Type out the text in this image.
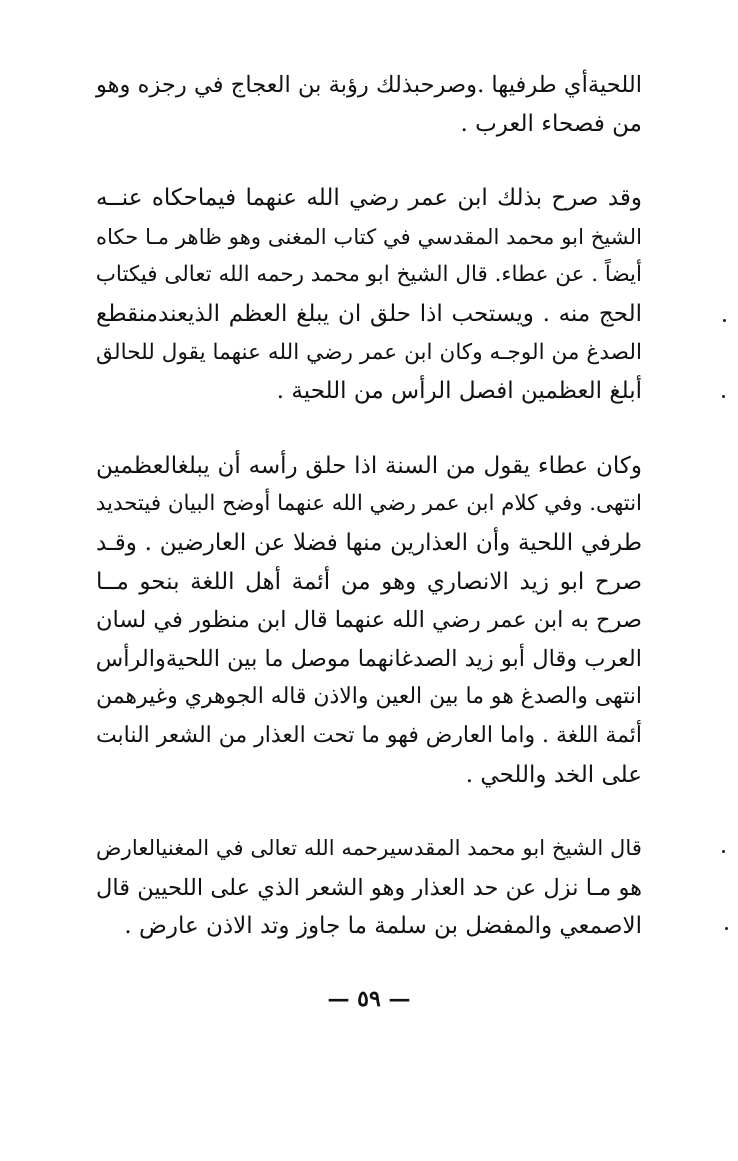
اللحيةأي طرفيها .وصرحبذلك رؤبة بن العجاج في رجزه وهو
من فصحاء العرب .
وقد صرح بذلك ابن عمر رضي الله عنهما فيماحكاه عنــه
الشيخ ابو محمد المقدسي في كتاب المغنى وهو ظاهر مـا حكاه
أيضاً . عن عطاء. قال الشيخ ابو محمد رحمه الله تعالى فيكتاب
الحج منه . ويستحب اذا حلق ان يبلغ العظم الذيعندمنقطع
الصدغ من الوجـه وكان ابن عمر رضي الله عنهما يقول للحالق
أبلغ العظمين افصل الرأس من اللحية .
وكان عطاء يقول من السنة اذا حلق رأسه أن يبلغالعظمين
انتهى. وفي كلام ابن عمر رضي الله عنهما أوضح البيان فيتحديد
طرفي اللحية وأن العذارين منها فضلا عن العارضين . وقـد
صرح ابو زيد الانصاري وهو من أئمة أهل اللغة بنحو مــا
صرح به ابن عمر رضي الله عنهما قال ابن منظور في لسان
العرب وقال أبو زيد الصدغانهما موصل ما بين اللحيةوالرأس
انتهى والصدغ هو ما بين العين والاذن قاله الجوهري وغيرهمن
أئمة اللغة . واما العارض فهو ما تحت العذار من الشعر النابت
على الخد واللحي .
قال الشيخ ابو محمد المقدسيرحمه الله تعالى في المغنيالعارض
هو مـا نزل عن حد العذار وهو الشعر الذي على اللحيين قال
الاصمعي والمفضل بن سلمة ما جاوز وتد الاذن عارض .
— ٥٩ —
